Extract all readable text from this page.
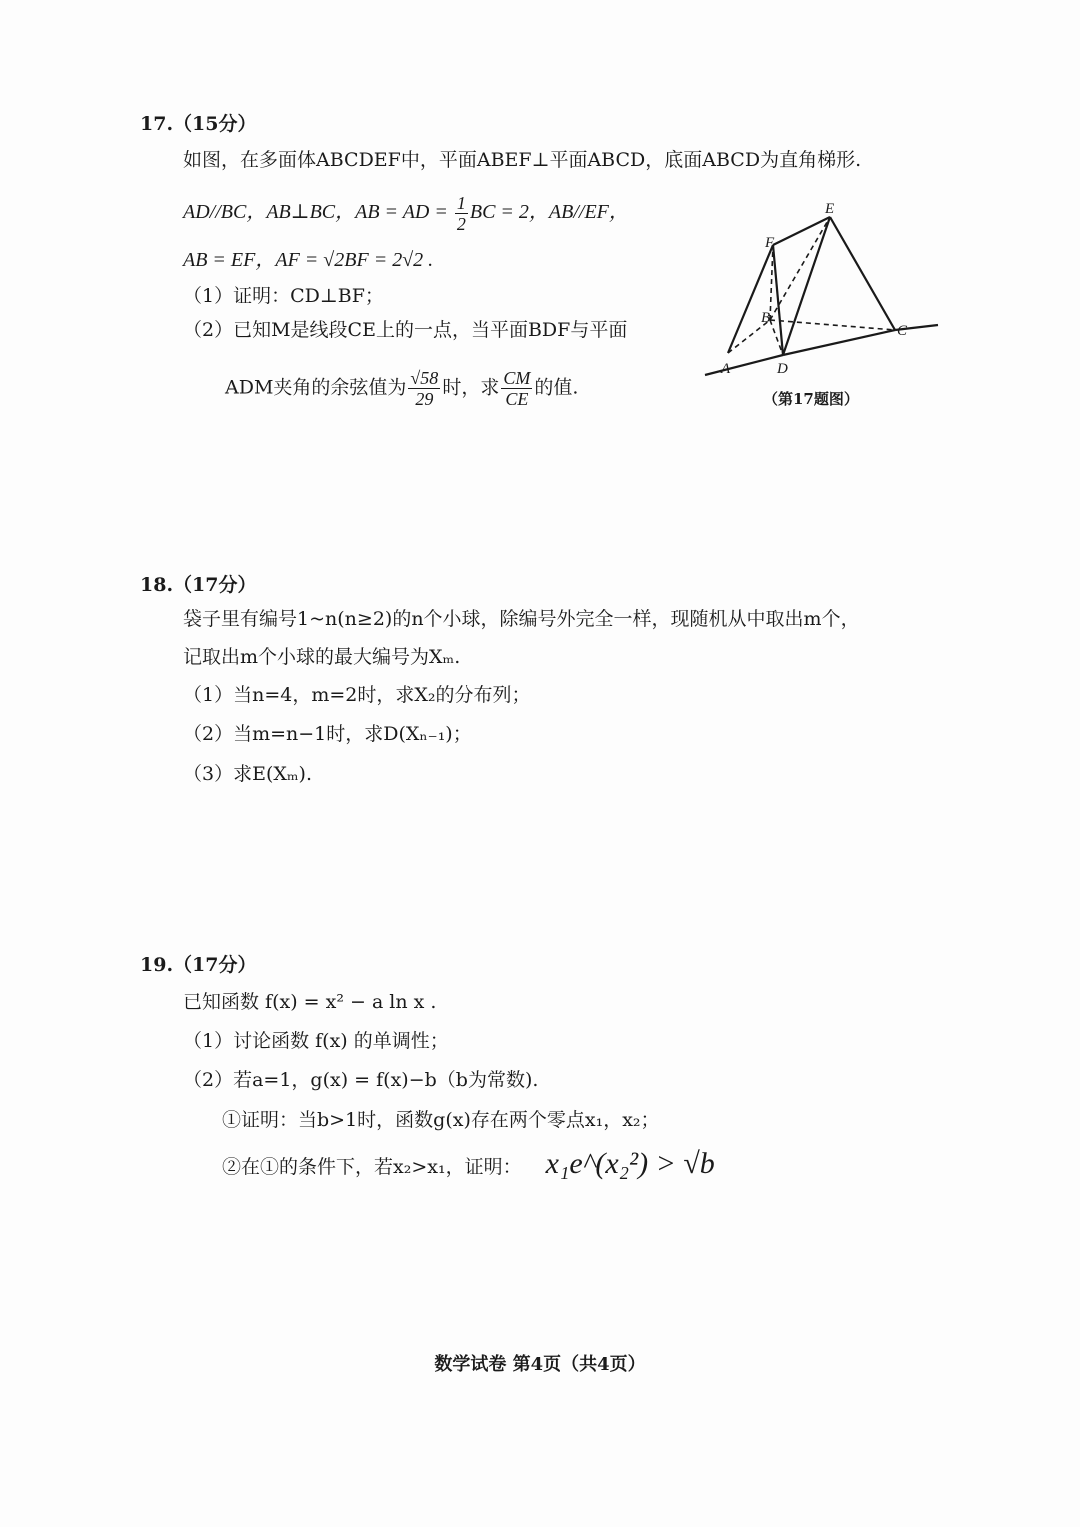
17.（15分）
如图，在多面体ABCDEF中，平面ABEF⊥平面ABCD，底面ABCD为直角梯形.
AD//BC，AB⊥BC，AB = AD = $\frac{1}{2}$ BC = 2，AB//EF，
AB = EF，AF = √2BF = 2√2 .
（1）证明：CD⊥BF；
（2）已知M是线段CE上的一点，当平面BDF与平面
ADM夹角的余弦值为 $\frac{√58}{29}$ 时，求 $\frac{CM}{CE}$ 的值.
E
F
B
C
A	D
（第17题图）
18.（17分）
袋子里有编号1~n(n≥2)的n个小球，除编号外完全一样，现随机从中取出m个，
记取出m个小球的最大编号为Xₘ.
（1）当n=4，m=2时，求X₂的分布列；
（2）当m=n−1时，求D(Xₙ₋₁)；
（3）求E(Xₘ).
19.（17分）
已知函数 f(x) = x² − a ln x .
（1）讨论函数 f(x) 的单调性；
（2）若a=1，g(x) = f(x)−b（b为常数).
①证明：当b>1时，函数g(x)存在两个零点x₁，x₂；
②在①的条件下，若x₂>x₁，证明： x₁e^(x₂²) > √b
数学试卷 第4页（共4页）
